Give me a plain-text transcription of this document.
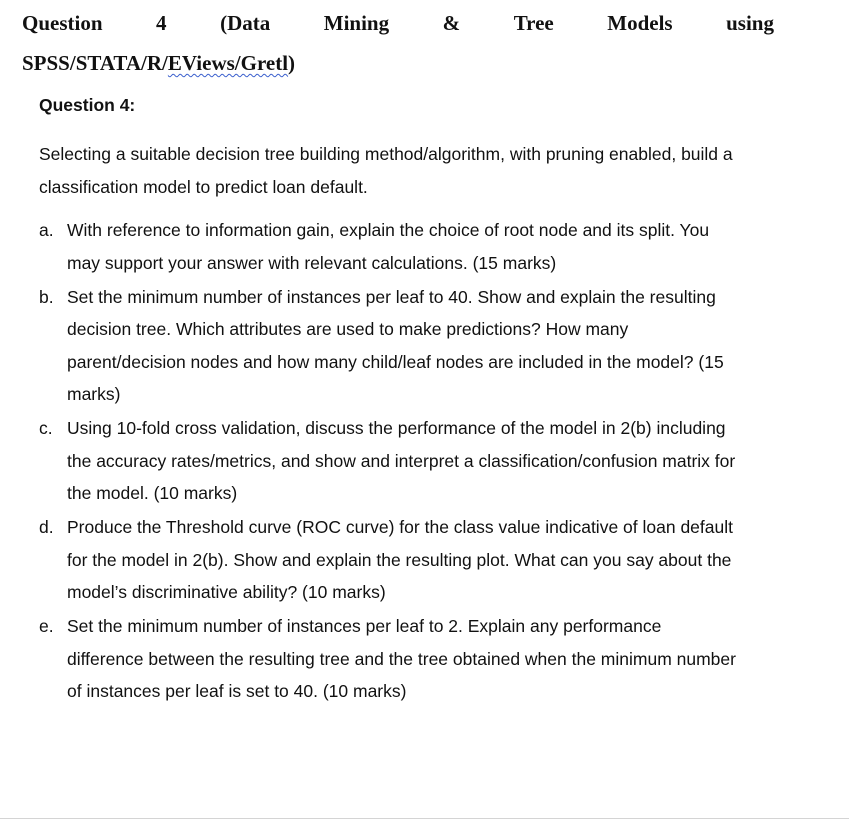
Question	4	(Data	Mining	&	Tree	Models	using
SPSS/STATA/R/EViews/Gretl)
Question 4:

Selecting a suitable decision tree building method/algorithm, with pruning enabled, build a classification model to predict loan default.

a. With reference to information gain, explain the choice of root node and its split. You may support your answer with relevant calculations. (15 marks)
b. Set the minimum number of instances per leaf to 40. Show and explain the resulting decision tree. Which attributes are used to make predictions? How many parent/decision nodes and how many child/leaf nodes are included in the model? (15 marks)
c. Using 10-fold cross validation, discuss the performance of the model in 2(b) including the accuracy rates/metrics, and show and interpret a classification/confusion matrix for the model. (10 marks)
d. Produce the Threshold curve (ROC curve) for the class value indicative of loan default for the model in 2(b). Show and explain the resulting plot. What can you say about the model’s discriminative ability? (10 marks)
e. Set the minimum number of instances per leaf to 2. Explain any performance difference between the resulting tree and the tree obtained when the minimum number of instances per leaf is set to 40. (10 marks)
